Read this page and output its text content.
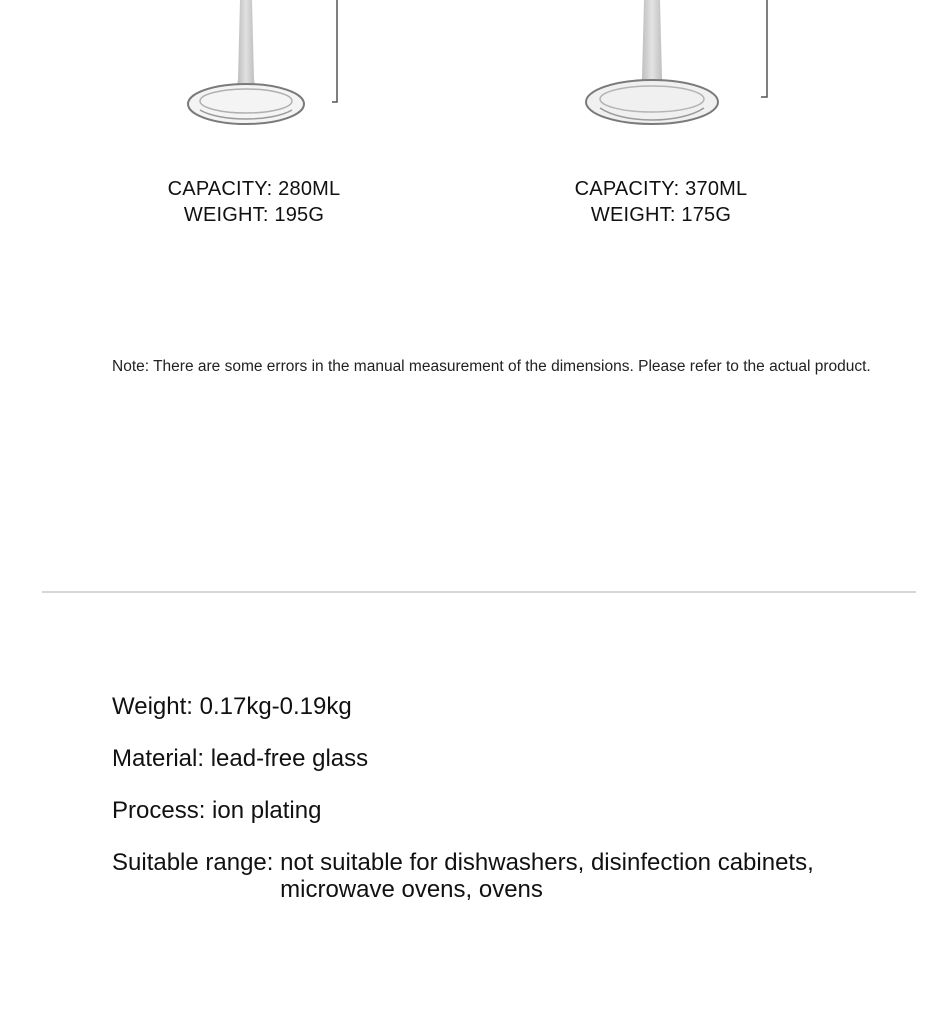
CAPACITY: 280ML
WEIGHT: 195G
CAPACITY: 370ML
WEIGHT: 175G
Note: There are some errors in the manual measurement of the dimensions. Please refer to the actual product.
Weight: 0.17kg-0.19kg
Material: lead-free glass
Process: ion plating
Suitable range: not suitable for dishwashers, disinfection cabinets, microwave ovens, ovens
